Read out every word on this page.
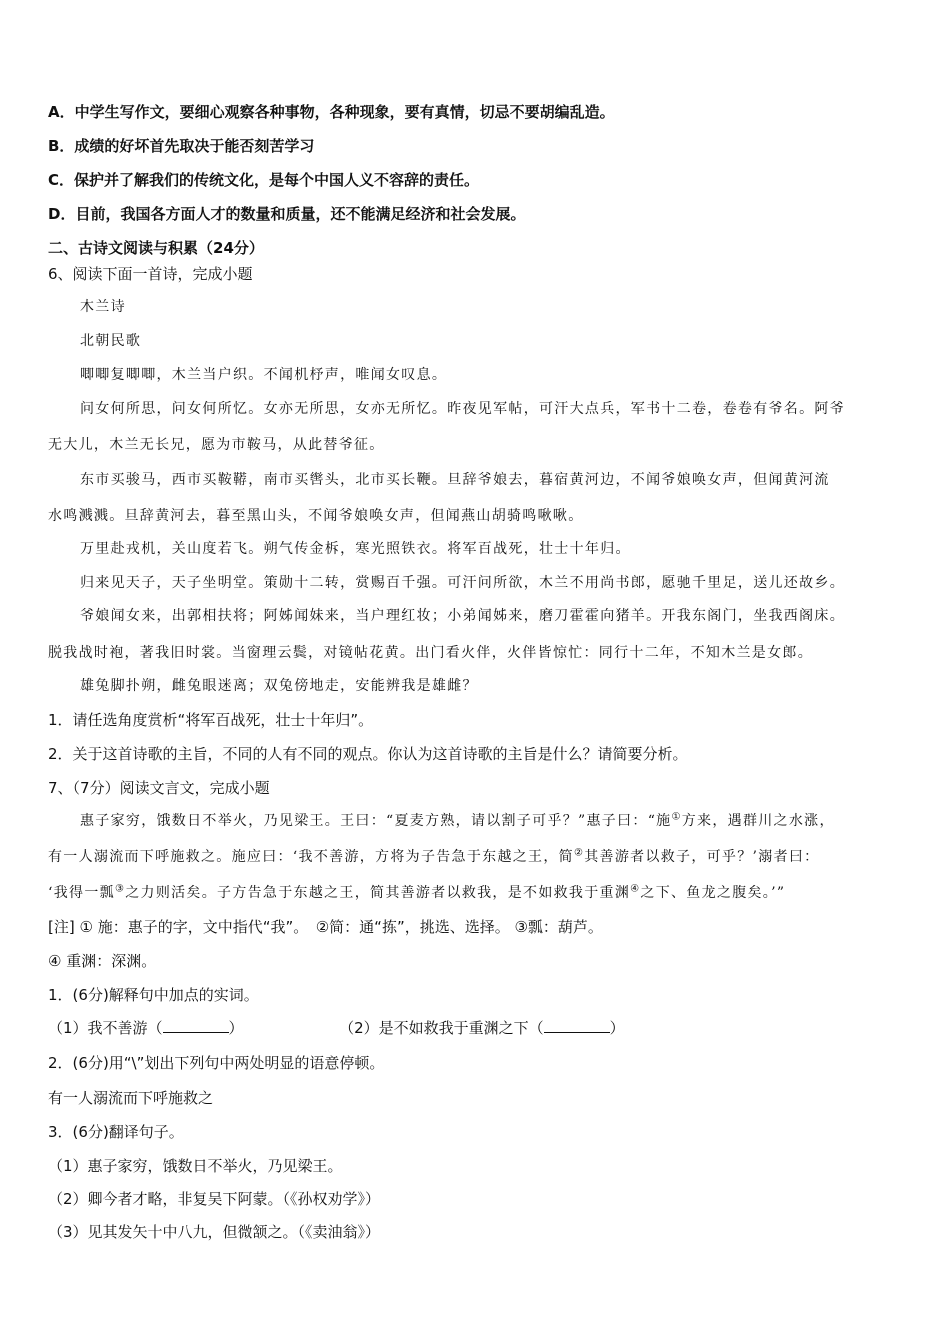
A．中学生写作文，要细心观察各种事物，各种现象，要有真情，切忌不要胡编乱造。
B．成绩的好坏首先取决于能否刻苦学习
C．保护并了解我们的传统文化，是每个中国人义不容辞的责任。
D．目前，我国各方面人才的数量和质量，还不能满足经济和社会发展。
二、古诗文阅读与积累（24分）
6、阅读下面一首诗，完成小题
木兰诗
北朝民歌
唧唧复唧唧，木兰当户织。不闻机杼声，唯闻女叹息。
问女何所思，问女何所忆。女亦无所思，女亦无所忆。昨夜见军帖，可汗大点兵，军书十二卷，卷卷有爷名。阿爷
无大儿，木兰无长兄，愿为市鞍马，从此替爷征。
东市买骏马，西市买鞍鞯，南市买辔头，北市买长鞭。旦辞爷娘去，暮宿黄河边，不闻爷娘唤女声，但闻黄河流
水鸣溅溅。旦辞黄河去，暮至黑山头，不闻爷娘唤女声，但闻燕山胡骑鸣啾啾。
万里赴戎机，关山度若飞。朔气传金柝，寒光照铁衣。将军百战死，壮士十年归。
归来见天子，天子坐明堂。策勋十二转，赏赐百千强。可汗问所欲，木兰不用尚书郎，愿驰千里足，送儿还故乡。
爷娘闻女来，出郭相扶将；阿姊闻妹来，当户理红妆；小弟闻姊来，磨刀霍霍向猪羊。开我东阁门，坐我西阁床。
脱我战时袍，著我旧时裳。当窗理云鬓，对镜帖花黄。出门看火伴，火伴皆惊忙：同行十二年，不知木兰是女郎。
雄兔脚扑朔，雌兔眼迷离；双兔傍地走，安能辨我是雄雌？
1．请任选角度赏析“将军百战死，壮士十年归”。
2．关于这首诗歌的主旨，不同的人有不同的观点。你认为这首诗歌的主旨是什么？请简要分析。
7、（7分）阅读文言文，完成小题
惠子家穷，饿数日不举火，乃见梁王。王曰：“夏麦方熟，请以割子可乎？”惠子曰：“施①方来，遇群川之水涨，
有一人溺流而下呼施救之。施应曰：‘我不善游，方将为子告急于东越之王，简②其善游者以救子，可乎？’溺者曰：
‘我得一瓢③之力则活矣。子方告急于东越之王，简其善游者以救我，是不如救我于重渊④之下、鱼龙之腹矣。’”
[注] ① 施：惠子的字，文中指代“我”。　②简：通“拣”，挑选、选择。 ③瓢：葫芦。
④ 重渊：深渊。
1．(6分)解释句中加点的实词。
（1）我不善游（	）	（2）是不如救我于重渊之下（	）
2．(6分)用“\”划出下列句中两处明显的语意停顿。
有一人溺流而下呼施救之
3．(6分)翻译句子。
（1）惠子家穷，饿数日不举火，乃见梁王。
（2）卿今者才略，非复吴下阿蒙。（《孙权劝学》）
（3）见其发矢十中八九，但微颔之。（《卖油翁》）
